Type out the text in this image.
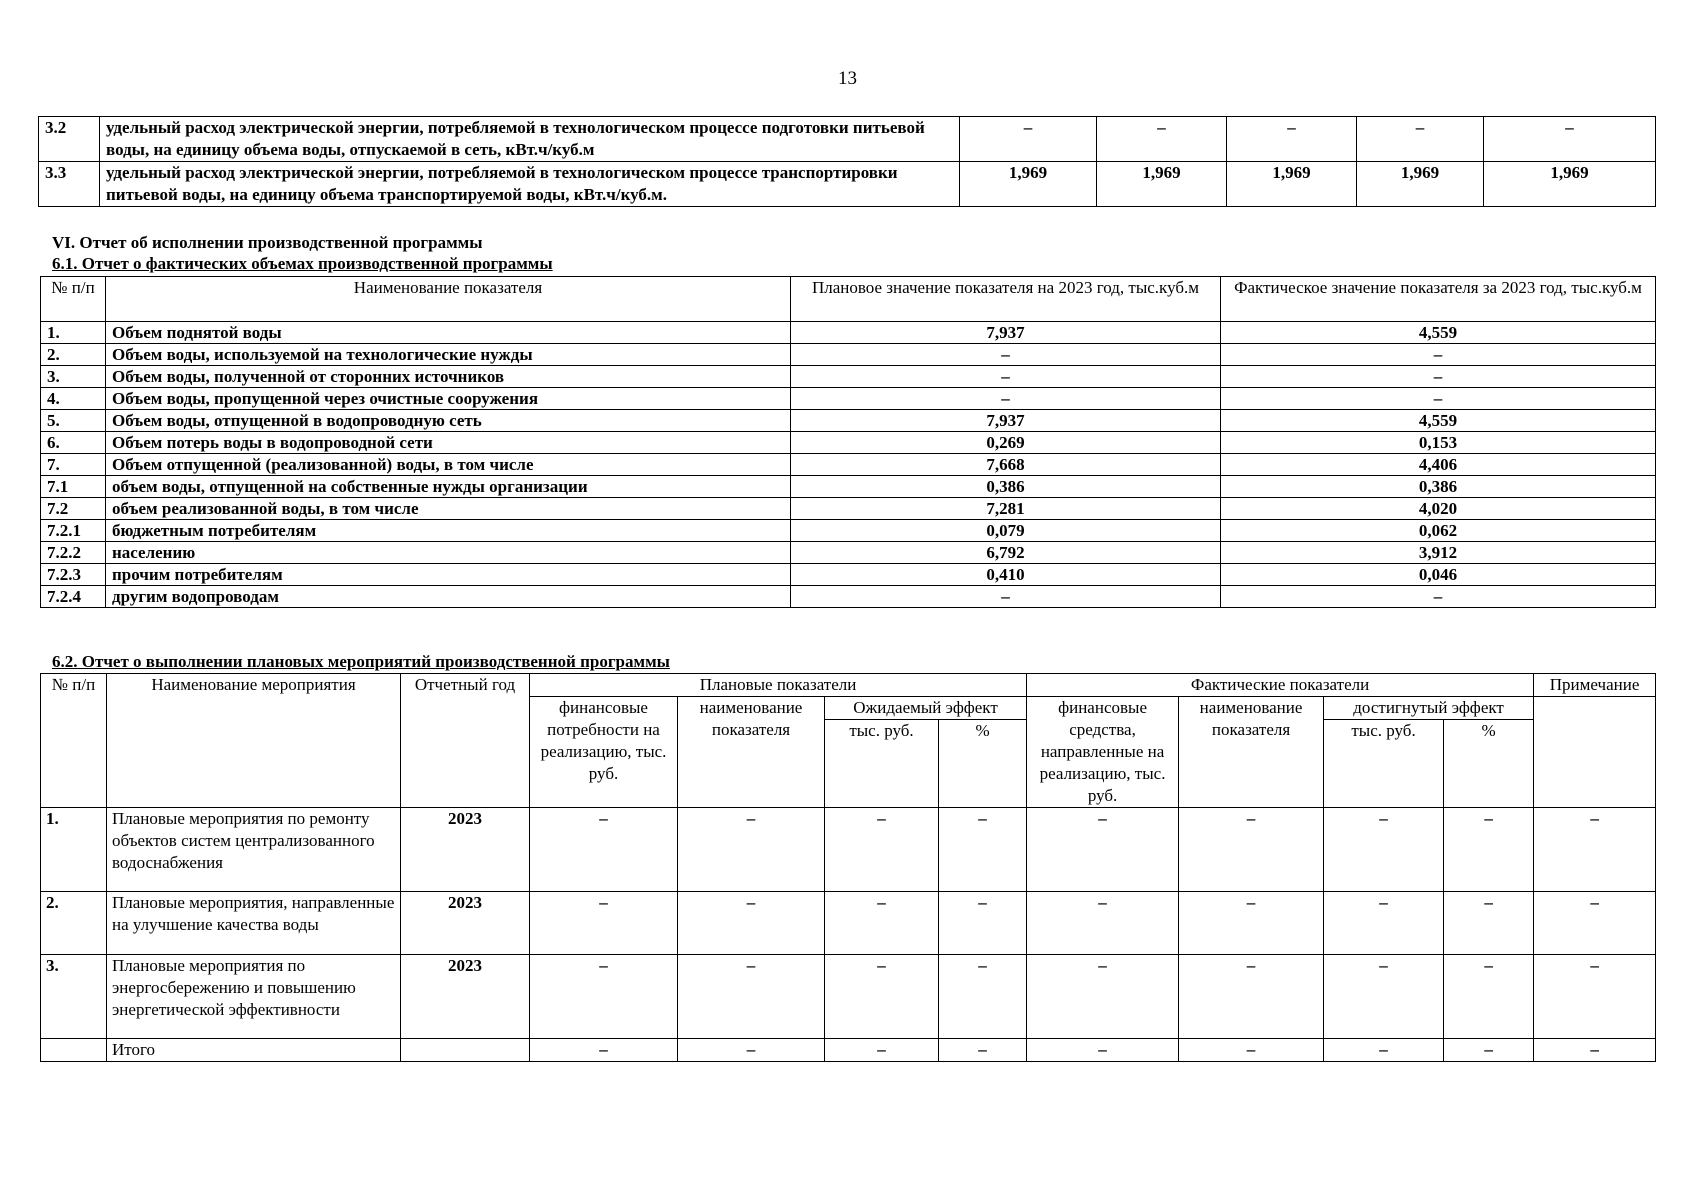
13
3.2	удельный расход электрической энергии, потребляемой в технологическом процессе подготовки питьевой воды, на единицу объема воды, отпускаемой в сеть, кВт.ч/куб.м	–	–	–	–	–
3.3	удельный расход электрической энергии, потребляемой в технологическом процессе транспортировки питьевой воды, на единицу объема транспортируемой воды, кВт.ч/куб.м.	1,969	1,969	1,969	1,969	1,969
VI. Отчет об исполнении производственной программы
6.1. Отчет о фактических объемах производственной программы
№ п/п	Наименование показателя	Плановое значение показателя на 2023 год, тыс.куб.м	Фактическое значение показателя за 2023 год, тыс.куб.м
1.	Объем поднятой воды	7,937	4,559
2.	Объем воды, используемой на технологические нужды	–	–
3.	Объем воды, полученной от сторонних источников	–	–
4.	Объем воды, пропущенной через очистные сооружения	–	–
5.	Объем воды, отпущенной в водопроводную сеть	7,937	4,559
6.	Объем потерь воды в водопроводной сети	0,269	0,153
7.	Объем отпущенной (реализованной) воды, в том числе	7,668	4,406
7.1	объем воды, отпущенной на собственные нужды организации	0,386	0,386
7.2	объем реализованной воды, в том числе	7,281	4,020
7.2.1	бюджетным потребителям	0,079	0,062
7.2.2	населению	6,792	3,912
7.2.3	прочим потребителям	0,410	0,046
7.2.4	другим водопроводам	–	–
6.2. Отчет о выполнении плановых мероприятий производственной программы
№ п/п	Наименование мероприятия	Отчетный год	Плановые показатели				Фактические показатели				Примечание
			финансовые потребности на реализацию, тыс. руб.	наименование показателя	Ожидаемый эффект		финансовые средства, направленные на реализацию, тыс. руб.	наименование показателя	достигнутый эффект		
					тыс. руб.	%			тыс. руб.	%	
1.	Плановые мероприятия по ремонту объектов систем централизованного водоснабжения	2023	–	–	–	–	–	–	–	–	–
2.	Плановые мероприятия, направленные на улучшение качества воды	2023	–	–	–	–	–	–	–	–	–
3.	Плановые мероприятия по энергосбережению и повышению энергетической эффективности	2023	–	–	–	–	–	–	–	–	–
	Итого		–	–	–	–	–	–	–	–	–
